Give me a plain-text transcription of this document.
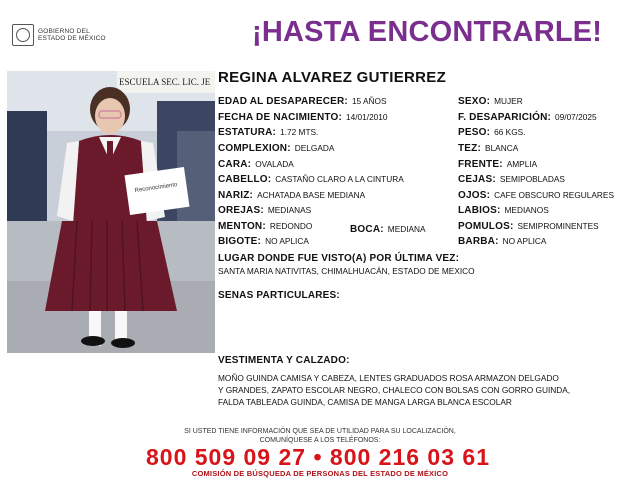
GOBIERNO DEL
ESTADO DE MÉXICO	¡HASTA ENCONTRARLE!
ESCUELA SEC. LIC. JE
Reconocimiento
REGINA ALVAREZ GUTIERREZ
EDAD AL DESAPARECER: 15 AÑOS
FECHA DE NACIMIENTO: 14/01/2010
ESTATURA: 1.72 MTS.
COMPLEXION: DELGADA
CARA: OVALADA
CABELLO: CASTAÑO CLARO A LA CINTURA
NARIZ: ACHATADA BASE MEDIANA
OREJAS: MEDIANAS
MENTON: REDONDO	BOCA: MEDIANA
BIGOTE: NO APLICA
SEXO: MUJER
F. DESAPARICIÓN: 09/07/2025
PESO: 66 KGS.
TEZ: BLANCA
FRENTE: AMPLIA
CEJAS: SEMIPOBLADAS
OJOS: CAFE OBSCURO REGULARES
LABIOS: MEDIANOS
POMULOS: SEMIPROMINENTES
BARBA: NO APLICA
LUGAR DONDE FUE VISTO(A) POR ÚLTIMA VEZ:
SANTA MARIA NATIVITAS, CHIMALHUACÁN, ESTADO DE MEXICO
SENAS PARTICULARES:
VESTIMENTA Y CALZADO:
MOÑO GUINDA CAMISA Y CABEZA, LENTES GRADUADOS ROSA ARMAZON DELGADO
Y GRANDES, ZAPATO ESCOLAR NEGRO, CHALECO CON BOLSAS CON GORRO GUINDA,
FALDA TABLEADA GUINDA, CAMISA DE MANGA LARGA BLANCA ESCOLAR
SI USTED TIENE INFORMACIÓN QUE SEA DE UTILIDAD PARA SU LOCALIZACIÓN,
COMUNÍQUESE A LOS TELÉFONOS:
800 509 09 27 • 800 216 03 61
COMISIÓN DE BÚSQUEDA DE PERSONAS DEL ESTADO DE MÉXICO
